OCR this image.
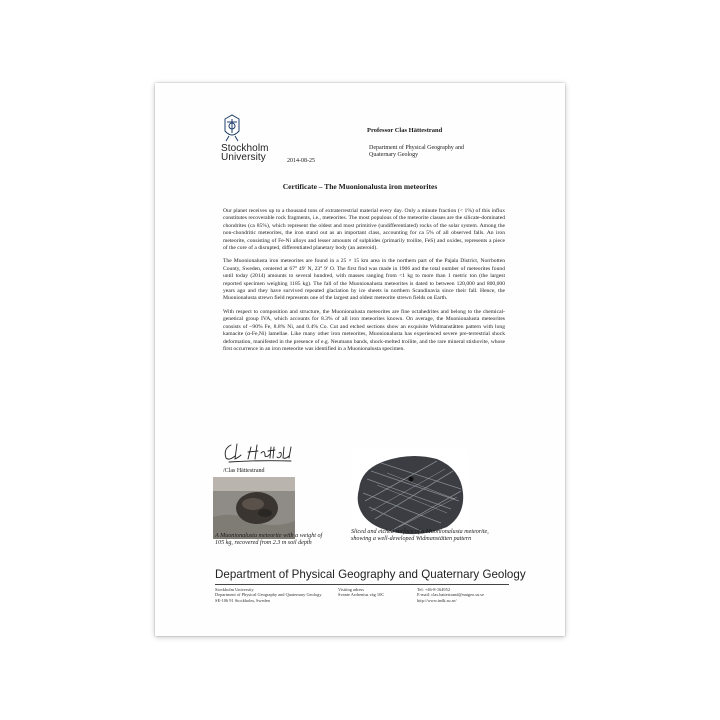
Stockholm
University	2014-08-25
Professor Clas Hättestrand
Department of Physical Geography and
Quaternary Geology
Certificate – The Muonionalusta iron meteorites

Our planet receives up to a thousand tons of extraterrestrial material every day. Only a minute fraction (< 1%) of this influx constitutes recoverable rock fragments, i.e., meteorites. The most populous of the meteorite classes are the silicate-dominated chondrites (ca 85%), which represent the oldest and most primitive (undifferentiated) rocks of the solar system. Among the non-chondritic meteorites, the iron stand out as an important class, accounting for ca 5% of all observed falls. An iron meteorite, consisting of Fe-Ni alloys and lesser amounts of sulphides (primarily troilite, FeS) and oxides, represents a piece of the core of a disrupted, differentiated planetary body (an asteroid).

The Muonionalusta iron meteorites are found in a 25 × 15 km area in the northern part of the Pajala District, Norrbotten County, Sweden, centered at 67° 49′ N, 23° 9′ O. The first find was made in 1906 and the total number of meteorites found until today (2014) amounts to several hundred, with masses ranging from <1 kg to more than 1 metric ton (the largest reported specimen weighing 1185 kg). The fall of the Muonionalusta meteorites is dated to between 120,000 and 800,000 years ago and they have survived repeated glaciation by ice sheets in northern Scandinavia since their fall. Hence, the Muonionalusta strewn field represents one of the largest and oldest meteorite strewn fields on Earth.

With respect to composition and structure, the Muonionalusta meteorites are fine octahedrites and belong to the chemical-genetical group IVA, which accounts for 8.3% of all iron meteorites known. On average, the Muonionalusta meteorites consists of ~90% Fe, 8.8% Ni, and 0.4% Co. Cut and etched sections show an exquisite Widmanstätten pattern with long kamacite (α-Fe,Ni) lamellae. Like many other iron meteorites, Muonionalusta has experienced severe pre-terrestrial shock deformation, manifested in the presence of e.g. Neumann bands, shock-melted troilite, and the rare mineral stishovite, whose first occurrence in an iron meteorite was identified in a Muonionalusta specimen.

/Clas Hättestrand
A Muonionalusta meteorite with a weight of 105 kg, recovered from 2.3 m soil depth
Sliced and etched surface of a Muonionalusta meteorite, showing a well-developed Widmanstätten pattern
Department of Physical Geography and Quaternary Geology
Stockholm University
Department of Physical Geography and Quaternary Geology
SE-106 91 Stockholm, Sweden
Visiting adress
Svante Arrhenius väg 10C
Tel: +46-8-164952
E-mail: clas.hattestrand@natgeo.su.se
http://www.indk.su.se/
